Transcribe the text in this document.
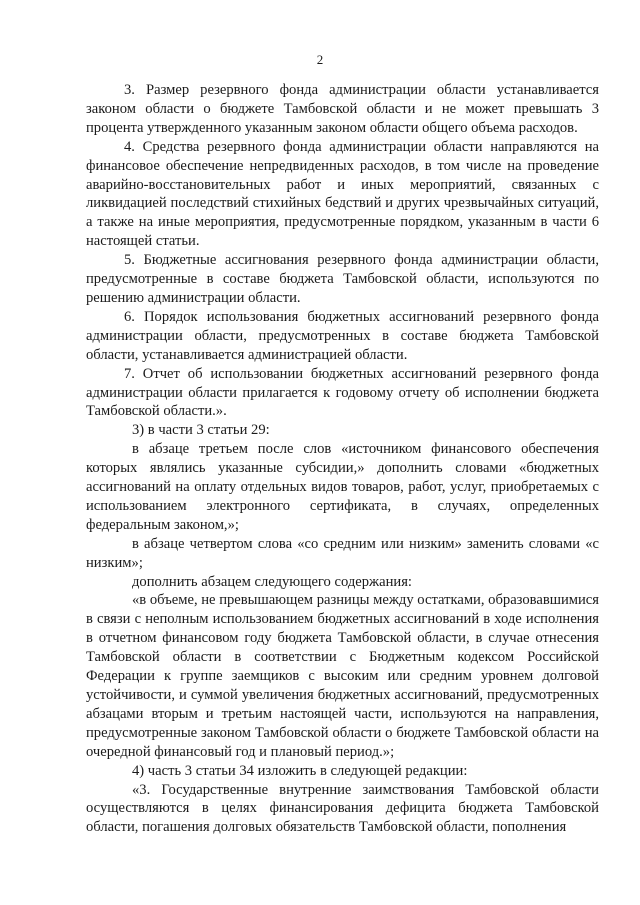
2

3. Размер резервного фонда администрации области устанавливается законом области о бюджете Тамбовской области и не может превышать 3 процента утвержденного указанным законом области общего объема расходов.

4. Средства резервного фонда администрации области направляются на финансовое обеспечение непредвиденных расходов, в том числе на проведение аварийно-восстановительных работ и иных мероприятий, связанных с ликвидацией последствий стихийных бедствий и других чрезвычайных ситуаций, а также на иные мероприятия, предусмотренные порядком, указанным в части 6 настоящей статьи.

5. Бюджетные ассигнования резервного фонда администрации области, предусмотренные в составе бюджета Тамбовской области, используются по решению администрации области.

6. Порядок использования бюджетных ассигнований резервного фонда администрации области, предусмотренных в составе бюджета Тамбовской области, устанавливается администрацией области.

7. Отчет об использовании бюджетных ассигнований резервного фонда администрации области прилагается к годовому отчету об исполнении бюджета Тамбовской области.».

3) в части 3 статьи 29:

в абзаце третьем после слов «источником финансового обеспечения которых являлись указанные субсидии,» дополнить словами «бюджетных ассигнований на оплату отдельных видов товаров, работ, услуг, приобретаемых с использованием электронного сертификата, в случаях, определенных федеральным законом,»;

в абзаце четвертом слова «со средним или низким» заменить словами «с низким»;

дополнить абзацем следующего содержания:

«в объеме, не превышающем разницы между остатками, образовавшимися в связи с неполным использованием бюджетных ассигнований в ходе исполнения в отчетном финансовом году бюджета Тамбовской области, в случае отнесения Тамбовской области в соответствии с Бюджетным кодексом Российской Федерации к группе заемщиков с высоким или средним уровнем долговой устойчивости, и суммой увеличения бюджетных ассигнований, предусмотренных абзацами вторым и третьим настоящей части, используются на направления, предусмотренные законом Тамбовской области о бюджете Тамбовской области на очередной финансовый год и плановый период.»;

4) часть 3 статьи 34 изложить в следующей редакции:

«3. Государственные внутренние заимствования Тамбовской области осуществляются в целях финансирования дефицита бюджета Тамбовской области, погашения долговых обязательств Тамбовской области, пополнения
